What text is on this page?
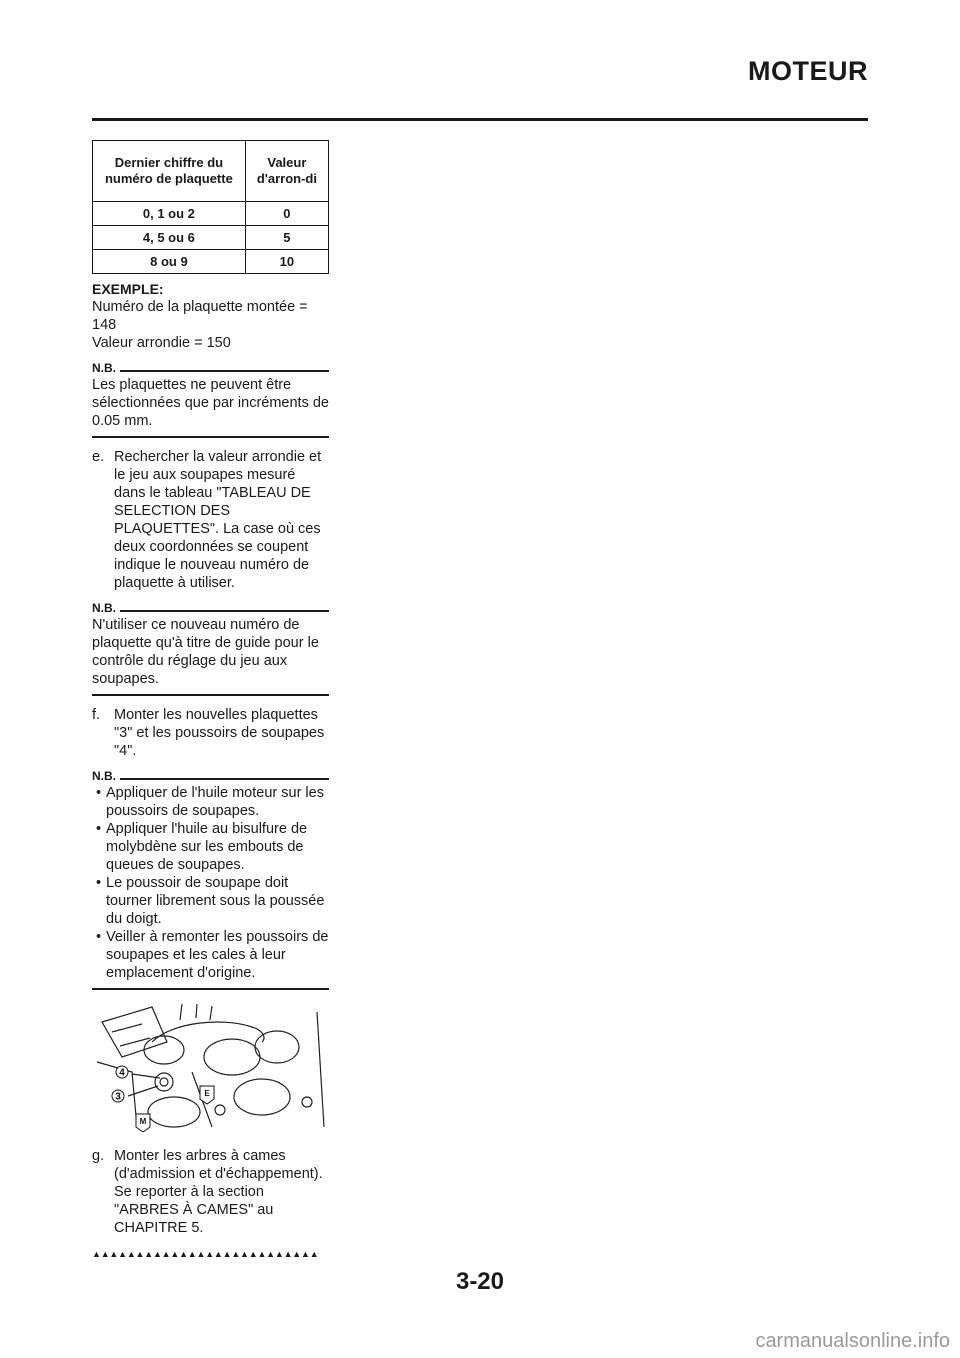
MOTEUR
Dernier chiffre du numéro de plaquette	Valeur d'arron-di
0, 1 ou 2	0
4, 5 ou 6	5
8 ou 9	10
EXEMPLE:
Numéro de la plaquette montée = 148
Valeur arrondie = 150
N.B.
Les plaquettes ne peuvent être sélectionnées que par incréments de 0.05 mm.
e. Rechercher la valeur arrondie et le jeu aux soupapes mesuré dans le tableau "TABLEAU DE SELECTION DES PLAQUETTES". La case où ces deux coordonnées se coupent indique le nouveau numéro de plaquette à utiliser.
N.B.
N'utiliser ce nouveau numéro de plaquette qu'à titre de guide pour le contrôle du réglage du jeu aux soupapes.
f. Monter les nouvelles plaquettes "3" et les poussoirs de soupapes "4".
N.B.
• Appliquer de l'huile moteur sur les poussoirs de soupapes.
• Appliquer l'huile au bisulfure de molybdène sur les embouts de queues de soupapes.
• Le poussoir de soupape doit tourner librement sous la poussée du doigt.
• Veiller à remonter les poussoirs de soupapes et les cales à leur emplacement d'origine.
4
3	E
M
g. Monter les arbres à cames (d'admission et d'échappement).
Se reporter à la section "ARBRES À CAMES" au CHAPITRE 5.
▲▲▲▲▲▲▲▲▲▲▲▲▲▲▲▲▲▲▲▲▲▲▲▲▲▲
3-20
carmanualsonline.info
